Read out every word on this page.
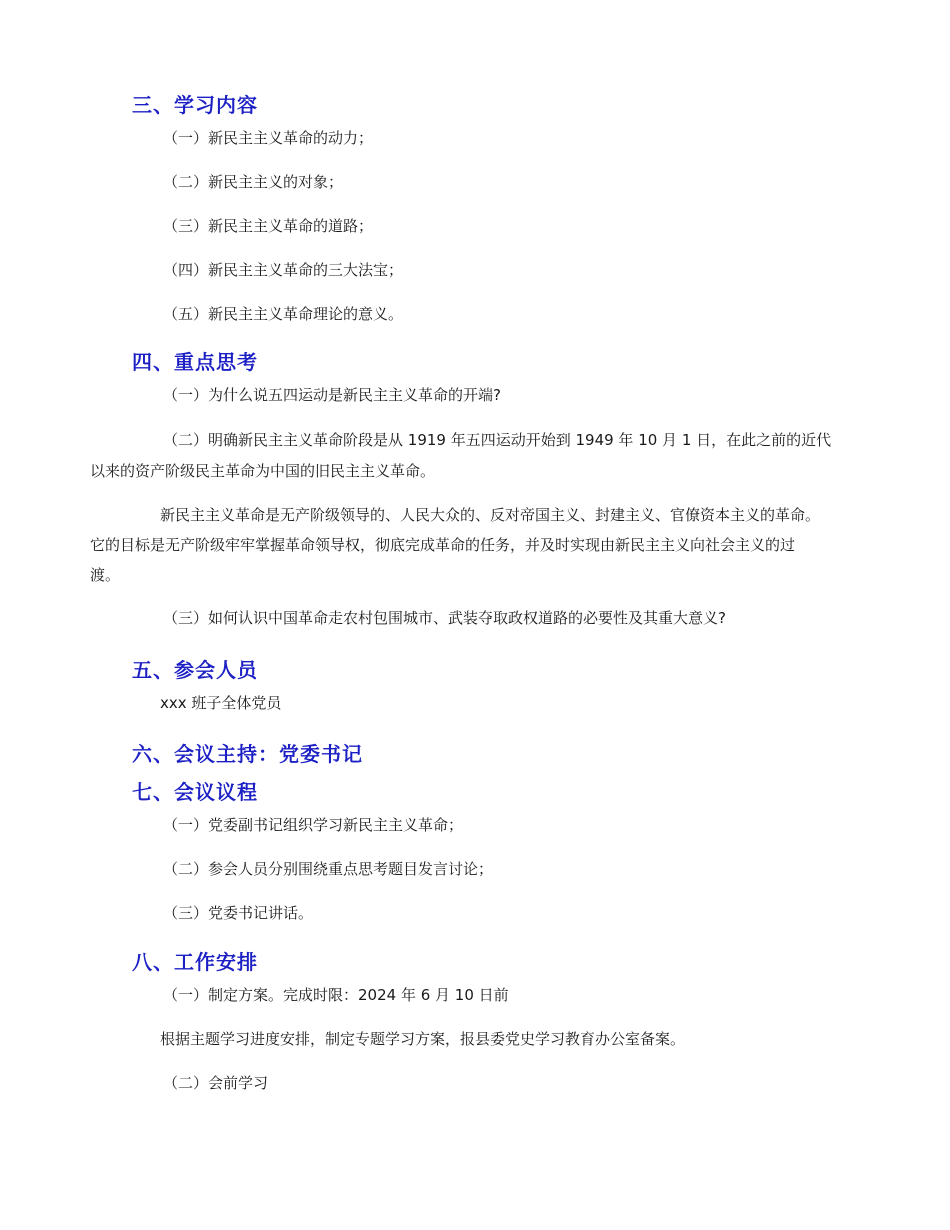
三、学习内容
（一）新民主主义革命的动力；
（二）新民主主义的对象；
（三）新民主主义革命的道路；
（四）新民主主义革命的三大法宝；
（五）新民主主义革命理论的意义。
四、重点思考
（一）为什么说五四运动是新民主主义革命的开端?
（二）明确新民主主义革命阶段是从 1919 年五四运动开始到 1949 年 10 月 1 日，在此之前的近代
以来的资产阶级民主革命为中国的旧民主主义革命。
新民主主义革命是无产阶级领导的、人民大众的、反对帝国主义、封建主义、官僚资本主义的革命。
它的目标是无产阶级牢牢掌握革命领导权，彻底完成革命的任务，并及时实现由新民主主义向社会主义的过
渡。
（三）如何认识中国革命走农村包围城市、武装夺取政权道路的必要性及其重大意义?
五、参会人员
xxx 班子全体党员
六、会议主持：党委书记
七、会议议程
（一）党委副书记组织学习新民主主义革命；
（二）参会人员分别围绕重点思考题目发言讨论；
（三）党委书记讲话。
八、工作安排
（一）制定方案。完成时限：2024 年 6 月 10 日前
根据主题学习进度安排，制定专题学习方案，报县委党史学习教育办公室备案。
（二）会前学习
